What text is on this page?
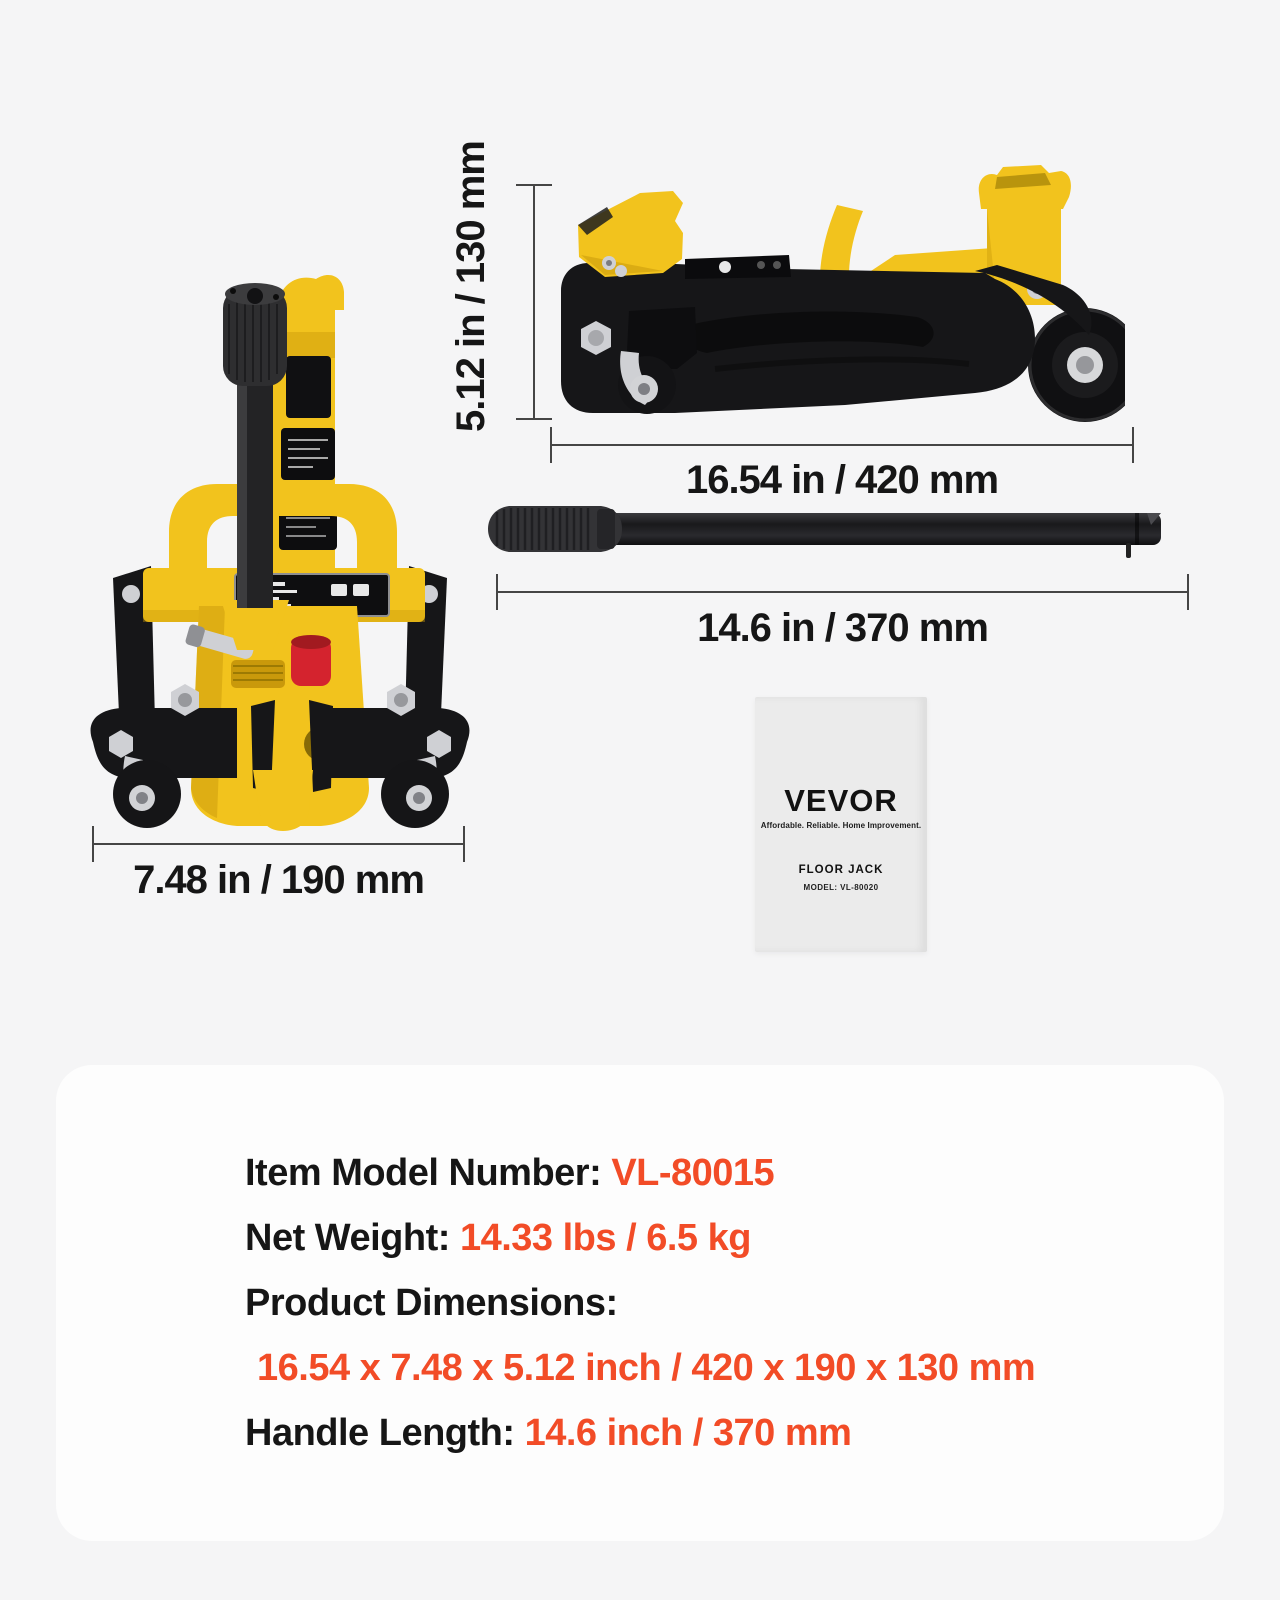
7.48 in / 190 mm
5.12 in / 130 mm
16.54 in / 420 mm
14.6 in / 370 mm
VEVOR
Affordable. Reliable. Home Improvement.
FLOOR JACK
MODEL: VL-80020
Item Model Number: VL-80015
Net Weight: 14.33 lbs / 6.5 kg
Product Dimensions:
16.54 x 7.48 x 5.12 inch / 420 x 190 x 130 mm
Handle Length: 14.6 inch / 370 mm
